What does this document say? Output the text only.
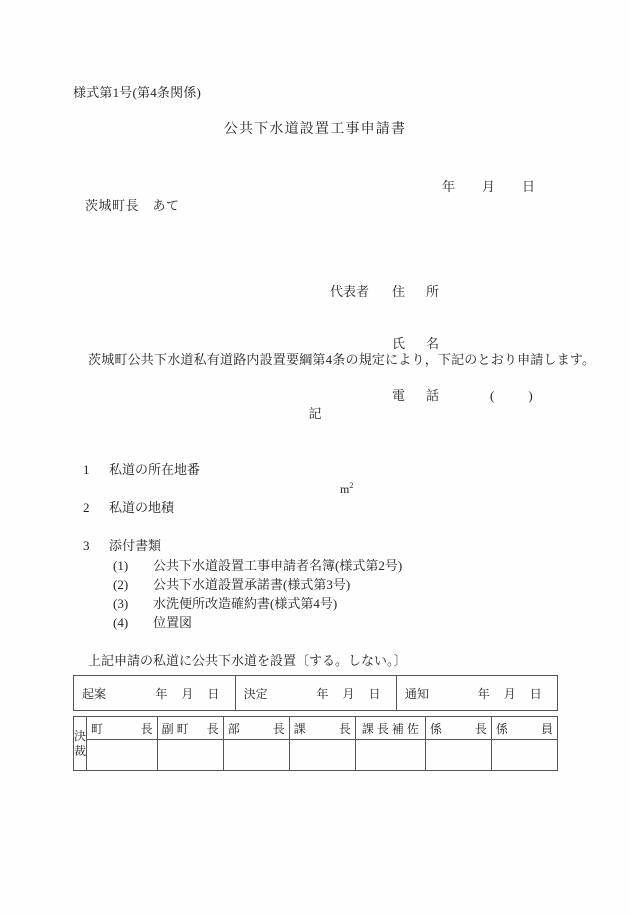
様式第1号(第4条関係)
公共下水道設置工事申請書

年 月 日

茨城町長　あて

代表者	住　所

氏　名

電　話	(	)

茨城町公共下水道私有道路内設置要綱第4条の規定により，下記のとおり申請します。
記

1 私道の所在地番

2 私道の地積

$m^2$

3 添付書類

(1) 公共下水道設置工事申請者名簿(様式第2号)

(2) 公共下水道設置承諾書(様式第3号)

(3) 水洗便所改造確約書(様式第4号)

(4) 位置図

上記申請の私道に公共下水道を設置〔する。しない。〕
起案	年 月 日	決定	年 月 日	通知	年 月 日
決
裁	町 長	副 町 長	部 長	課 長	課 長 補 佐	係 長	係 員
